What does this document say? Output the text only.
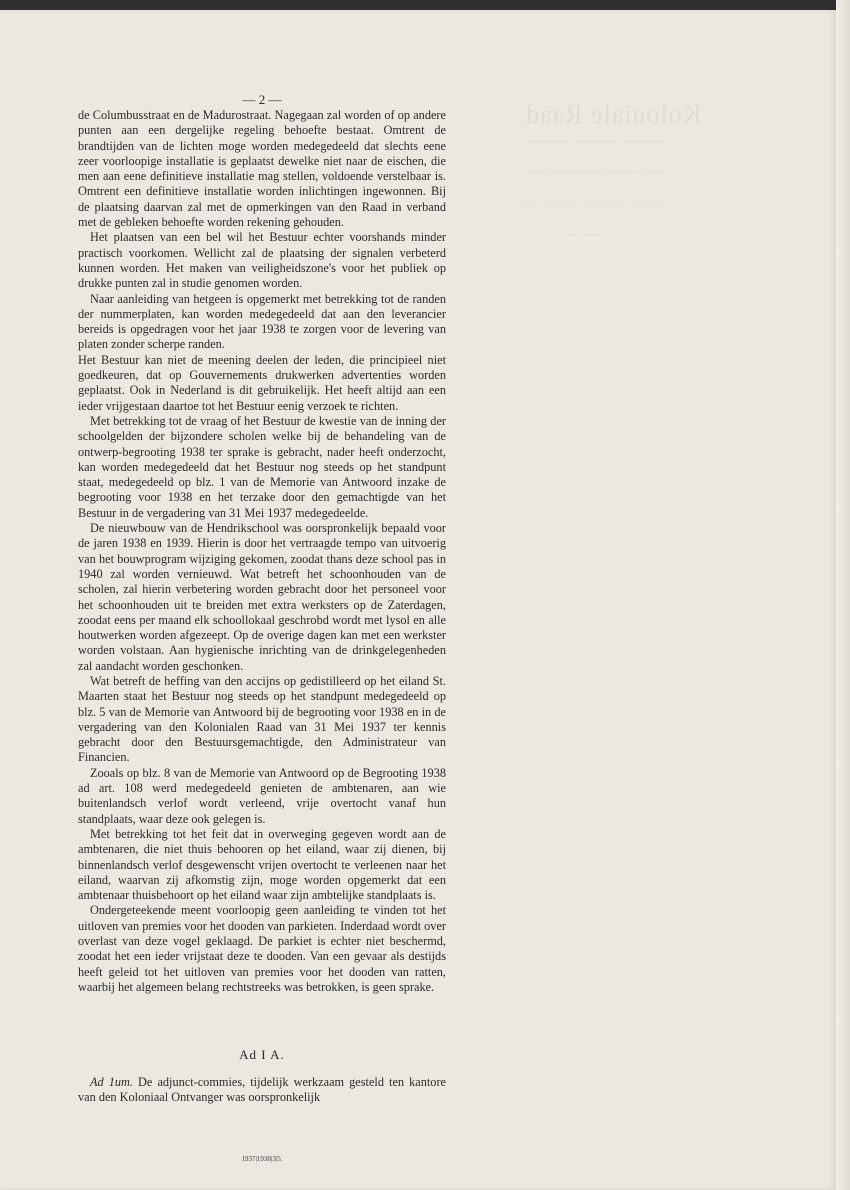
Koloniale Raad
——— ——— ———
—— ——— ———— ——
——— ———— ——— —
—— —
— 2 —

de Columbusstraat en de Madurostraat. Nagegaan zal worden of op andere punten aan een dergelijke regeling behoefte bestaat. Omtrent de brandtijden van de lichten moge worden medegedeeld dat slechts eene zeer voorloopige installatie is geplaatst dewelke niet naar de eischen, die men aan eene definitieve installatie mag stellen, voldoende verstelbaar is. Omtrent een definitieve installatie worden inlichtingen ingewonnen. Bij de plaatsing daarvan zal met de opmerkingen van den Raad in verband met de gebleken behoefte worden rekening gehouden.

Het plaatsen van een bel wil het Bestuur echter voorshands minder practisch voorkomen. Wellicht zal de plaatsing der signalen verbeterd kunnen worden. Het maken van veiligheidszone's voor het publiek op drukke punten zal in studie genomen worden.

Naar aanleiding van hetgeen is opgemerkt met betrekking tot de randen der nummerplaten, kan worden medegedeeld dat aan den leverancier bereids is opgedragen voor het jaar 1938 te zorgen voor de levering van platen zonder scherpe randen.

Het Bestuur kan niet de meening deelen der leden, die principieel niet goedkeuren, dat op Gouvernements drukwerken advertenties worden geplaatst. Ook in Nederland is dit gebruikelijk. Het heeft altijd aan een ieder vrijgestaan daartoe tot het Bestuur eenig verzoek te richten.

Met betrekking tot de vraag of het Bestuur de kwestie van de inning der schoolgelden der bijzondere scholen welke bij de behandeling van de ontwerp-begrooting 1938 ter sprake is gebracht, nader heeft onderzocht, kan worden medegedeeld dat het Bestuur nog steeds op het standpunt staat, medegedeeld op blz. 1 van de Memorie van Antwoord inzake de begrooting voor 1938 en het terzake door den gemachtigde van het Bestuur in de vergadering van 31 Mei 1937 medegedeelde.

De nieuwbouw van de Hendrikschool was oorspronkelijk bepaald voor de jaren 1938 en 1939. Hierin is door het vertraagde tempo van uitvoerig van het bouwprogram wijziging gekomen, zoodat thans deze school pas in 1940 zal worden vernieuwd. Wat betreft het schoonhouden van de scholen, zal hierin verbetering worden gebracht door het personeel voor het schoonhouden uit te breiden met extra werksters op de Zaterdagen, zoodat eens per maand elk schoollokaal geschrobd wordt met lysol en alle houtwerken worden afgezeept. Op de overige dagen kan met een werkster worden volstaan. Aan hygienische inrichting van de drinkgelegenheden zal aandacht worden geschonken.

Wat betreft de heffing van den accijns op gedistilleerd op het eiland St. Maarten staat het Bestuur nog steeds op het standpunt medegedeeld op blz. 5 van de Memorie van Antwoord bij de begrooting voor 1938 en in de vergadering van den Kolonialen Raad van 31 Mei 1937 ter kennis gebracht door den Bestuursgemachtigde, den Administrateur van Financien.

Zooals op blz. 8 van de Memorie van Antwoord op de Begrooting 1938 ad art. 108 werd medegedeeld genieten de ambtenaren, aan wie buitenlandsch verlof wordt verleend, vrije overtocht vanaf hun standplaats, waar deze ook gelegen is.

Met betrekking tot het feit dat in overweging gegeven wordt aan de ambtenaren, die niet thuis behooren op het eiland, waar zij dienen, bij binnenlandsch verlof desgewenscht vrijen overtocht te verleenen naar het eiland, waarvan zij afkomstig zijn, moge worden opgemerkt dat een ambtenaar thuisbehoort op het eiland waar zijn ambtelijke standplaats is.

Ondergeteekende meent voorloopig geen aanleiding te vinden tot het uitloven van premies voor het dooden van parkieten. Inderdaad wordt over overlast van deze vogel geklaagd. De parkiet is echter niet beschermd, zoodat het een ieder vrijstaat deze te dooden. Van een gevaar als destijds heeft geleid tot het uitloven van premies voor het dooden van ratten, waarbij het algemeen belang rechtstreeks was betrokken, is geen sprake.

Ad I A.

Ad 1um. De adjunct-commies, tijdelijk werkzaam gesteld ten kantore van den Koloniaal Ontvanger was oorspronkelijk

1937|1938|3|5.
